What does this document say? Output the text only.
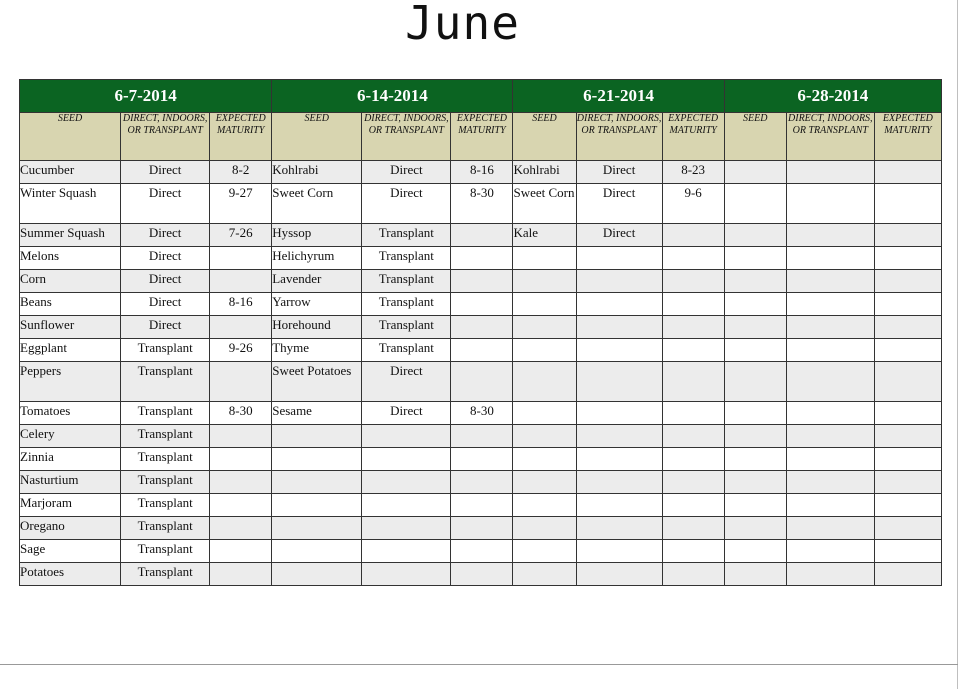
June
6-7-2014			6-14-2014			6-21-2014			6-28-2014		
SEED	DIRECT, INDOORS, OR TRANSPLANT	EXPECTED MATURITY	SEED	DIRECT, INDOORS, OR TRANSPLANT	EXPECTED MATURITY	SEED	DIRECT, INDOORS, OR TRANSPLANT	EXPECTED MATURITY	SEED	DIRECT, INDOORS, OR TRANSPLANT	EXPECTED MATURITY
Cucumber	Direct	8-2	Kohlrabi	Direct	8-16	Kohlrabi	Direct	8-23			
Winter Squash	Direct	9-27	Sweet Corn	Direct	8-30	Sweet Corn	Direct	9-6			
Summer Squash	Direct	7-26	Hyssop	Transplant		Kale	Direct				
Melons	Direct		Helichyrum	Transplant							
Corn	Direct		Lavender	Transplant							
Beans	Direct	8-16	Yarrow	Transplant							
Sunflower	Direct		Horehound	Transplant							
Eggplant	Transplant	9-26	Thyme	Transplant							
Peppers	Transplant		Sweet Potatoes	Direct							
Tomatoes	Transplant	8-30	Sesame	Direct	8-30						
Celery	Transplant										
Zinnia	Transplant										
Nasturtium	Transplant										
Marjoram	Transplant										
Oregano	Transplant										
Sage	Transplant										
Potatoes	Transplant										
